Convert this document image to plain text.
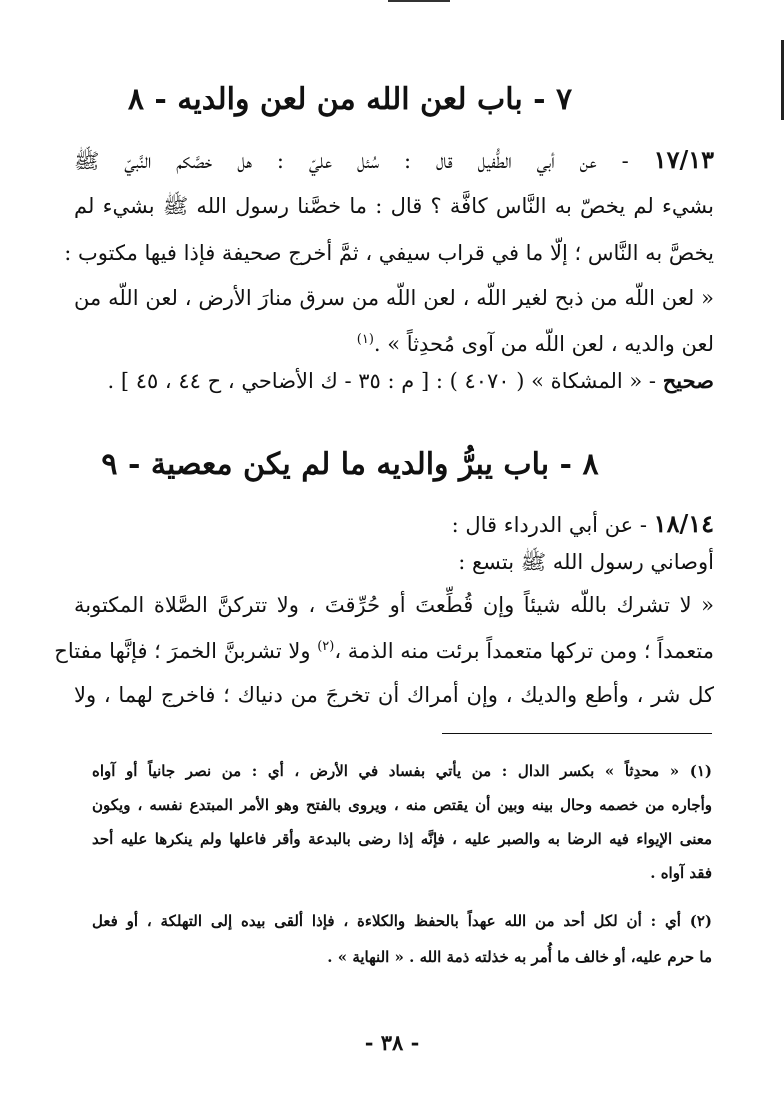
٧ - باب لعن الله من لعن والديه - ٨
١٧/١٣ - عن أبي الطُّفيل قال : سُئل عليّ : هل خصَّكم النَّبيّ ﷺ
بشيء لم يخصّ به النَّاس كافَّة ؟ قال : ما خصَّنا رسول الله ﷺ بشيء لم
يخصَّ به النَّاس ؛ إلّا ما في قراب سيفي ، ثمَّ أخرج صحيفة فإذا فيها مكتوب :
« لعن اللّه من ذبح لغير اللّه ، لعن اللّه من سرق منارَ الأرض ، لعن اللّه من
لعن والديه ، لعن اللّه من آوى مُحدِثاً » .$^{(١)}$
صحيح - « المشكاة » ( ٤٠٧٠ ) : [ م : ٣٥ - ك الأضاحي ، ح ٤٤ ، ٤٥ ] .
٨ - باب يبرُّ والديه ما لم يكن معصية - ٩
١٨/١٤ - عن أبي الدرداء قال :
أوصاني رسول الله ﷺ بتسع :
« لا تشرك باللّه شيئاً وإن قُطِّعتَ أو حُرِّقتَ ، ولا تتركنَّ الصَّلاة المكتوبة
متعمداً ؛ ومن تركها متعمداً برئت منه الذمة ،$^{(٢)}$ ولا تشربنَّ الخمرَ ؛ فإنَّها مفتاح
كل شر ، وأطع والديك ، وإن أمراك أن تخرجَ من دنياك ؛ فاخرج لهما ، ولا
(١) « محدِثاً » بكسر الدال : من يأتي بفساد في الأرض ، أي : من نصر جانياً أو آواه
وأجاره من خصمه وحال بينه وبين أن يقتص منه ، ويروى بالفتح وهو الأمر المبتدع نفسه ، ويكون
معنى الإيواء فيه الرضا به والصبر عليه ، فإنَّه إذا رضى بالبدعة وأقر فاعلها ولم ينكرها عليه أحد
فقد آواه .
(٢) أي : أن لكل أحد من الله عهداً بالحفظ والكلاءة ، فإذا ألقى بيده إلى التهلكة ، أو فعل
ما حرم عليه، أو خالف ما أُمر به خذلته ذمة الله . « النهاية » .
- ٣٨ -
